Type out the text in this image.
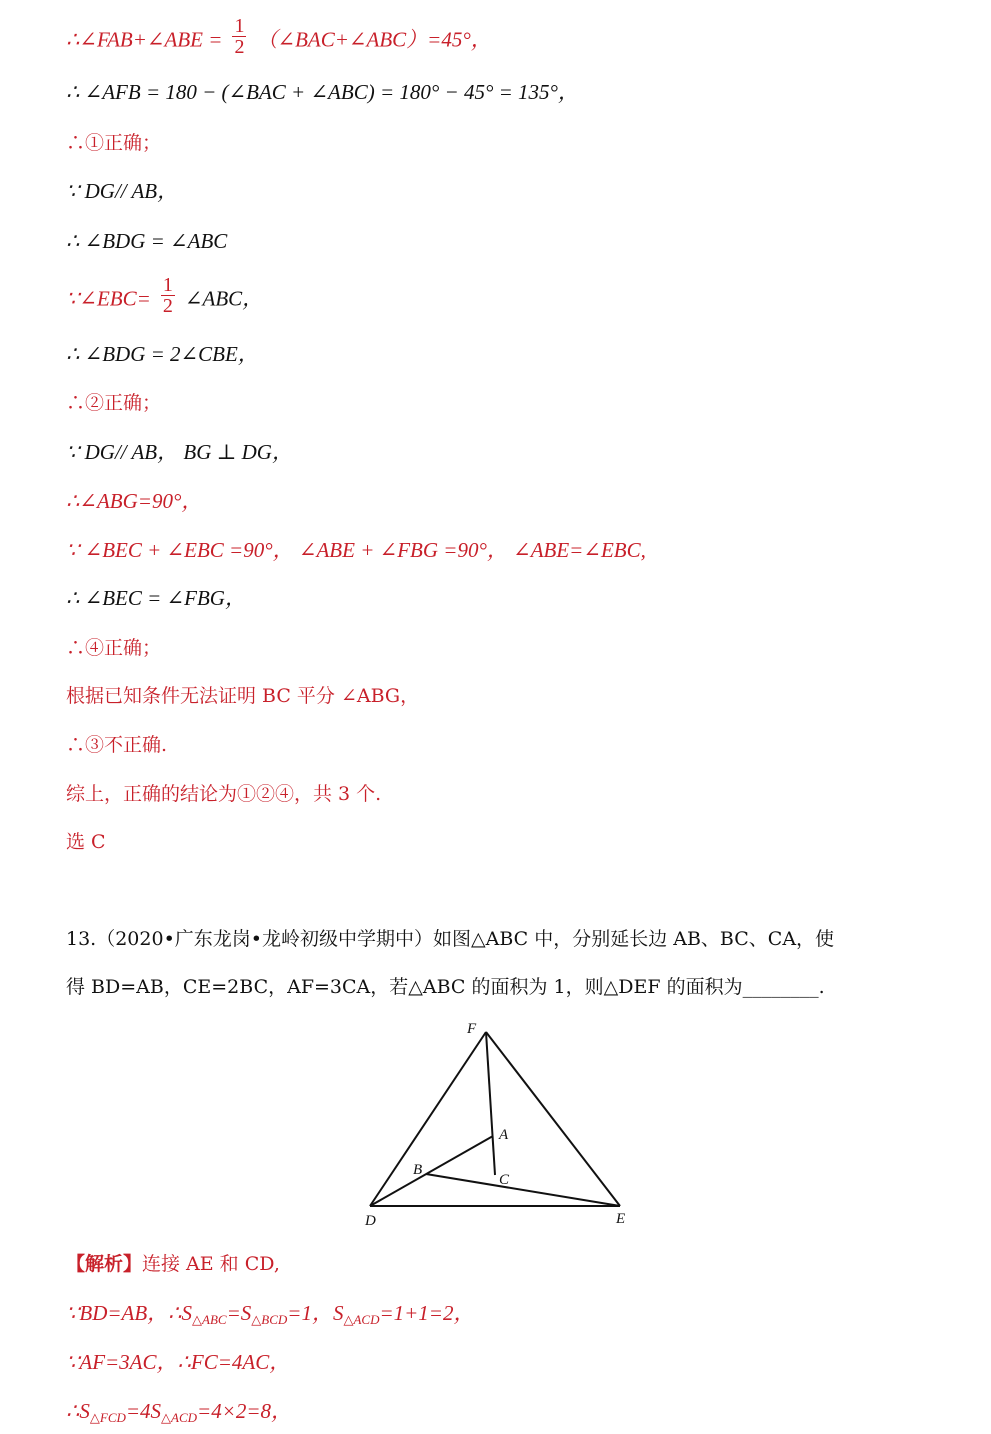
∴∠FAB+∠ABE = $\frac{1}{2}$ （∠BAC+∠ABC）=45°，
∴ ∠AFB = 180 − (∠BAC + ∠ABC) = 180° − 45° = 135°，
∴①正确；
∵ DG// AB，
∴ ∠BDG = ∠ABC
∵∠EBC= $\frac{1}{2}$ ∠ABC，
∴ ∠BDG = 2∠CBE，
∴②正确；
∵ DG// AB， BG ⊥ DG，
∴∠ABG=90°，
∵ ∠BEC + ∠EBC =90°， ∠ABE + ∠FBG =90°， ∠ABE=∠EBC,
∴ ∠BEC = ∠FBG，
∴④正确；
根据已知条件无法证明 BC 平分 ∠ABG，
∴③不正确.
综上，正确的结论为①②④，共 3 个.
选 C
13.（2020•广东龙岗•龙岭初级中学期中）如图△ABC 中，分别延长边 AB、BC、CA，使
得 BD=AB，CE=2BC，AF=3CA，若△ABC 的面积为 1，则△DEF 的面积为________.
F
A
B
C
D	E
【解析】连接 AE 和 CD,
∵BD=AB，$\therefore S_{\triangle ABC}=S_{\triangle BCD}=1$，$S_{\triangle ACD}=1+1=2$，
∵AF=3AC，∴FC=4AC，
$\therefore S_{\triangle FCD}=4S_{\triangle ACD}=4\times 2=8$，
